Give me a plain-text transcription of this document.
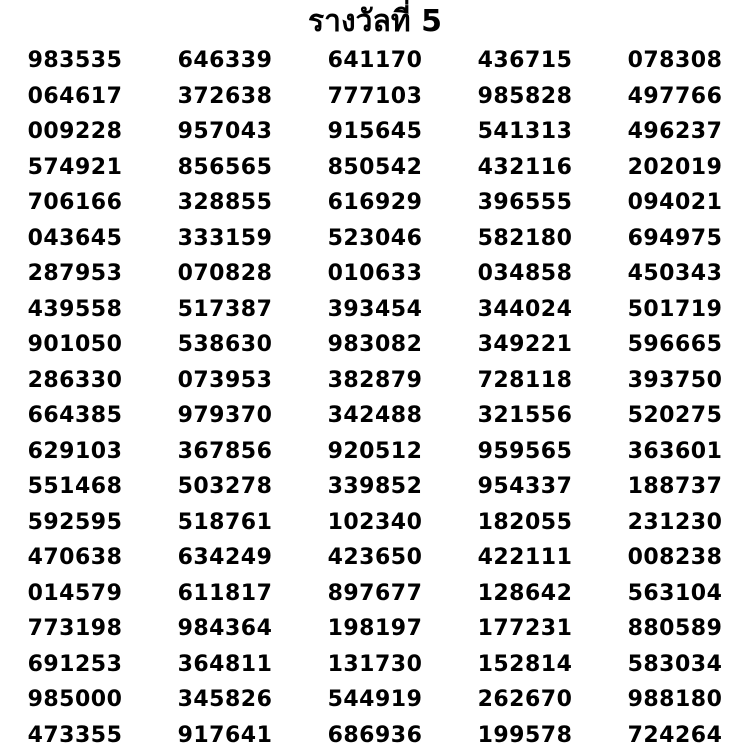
รางวัลที่ 5
983535	646339	641170	436715	078308
064617	372638	777103	985828	497766
009228	957043	915645	541313	496237
574921	856565	850542	432116	202019
706166	328855	616929	396555	094021
043645	333159	523046	582180	694975
287953	070828	010633	034858	450343
439558	517387	393454	344024	501719
901050	538630	983082	349221	596665
286330	073953	382879	728118	393750
664385	979370	342488	321556	520275
629103	367856	920512	959565	363601
551468	503278	339852	954337	188737
592595	518761	102340	182055	231230
470638	634249	423650	422111	008238
014579	611817	897677	128642	563104
773198	984364	198197	177231	880589
691253	364811	131730	152814	583034
985000	345826	544919	262670	988180
473355	917641	686936	199578	724264
